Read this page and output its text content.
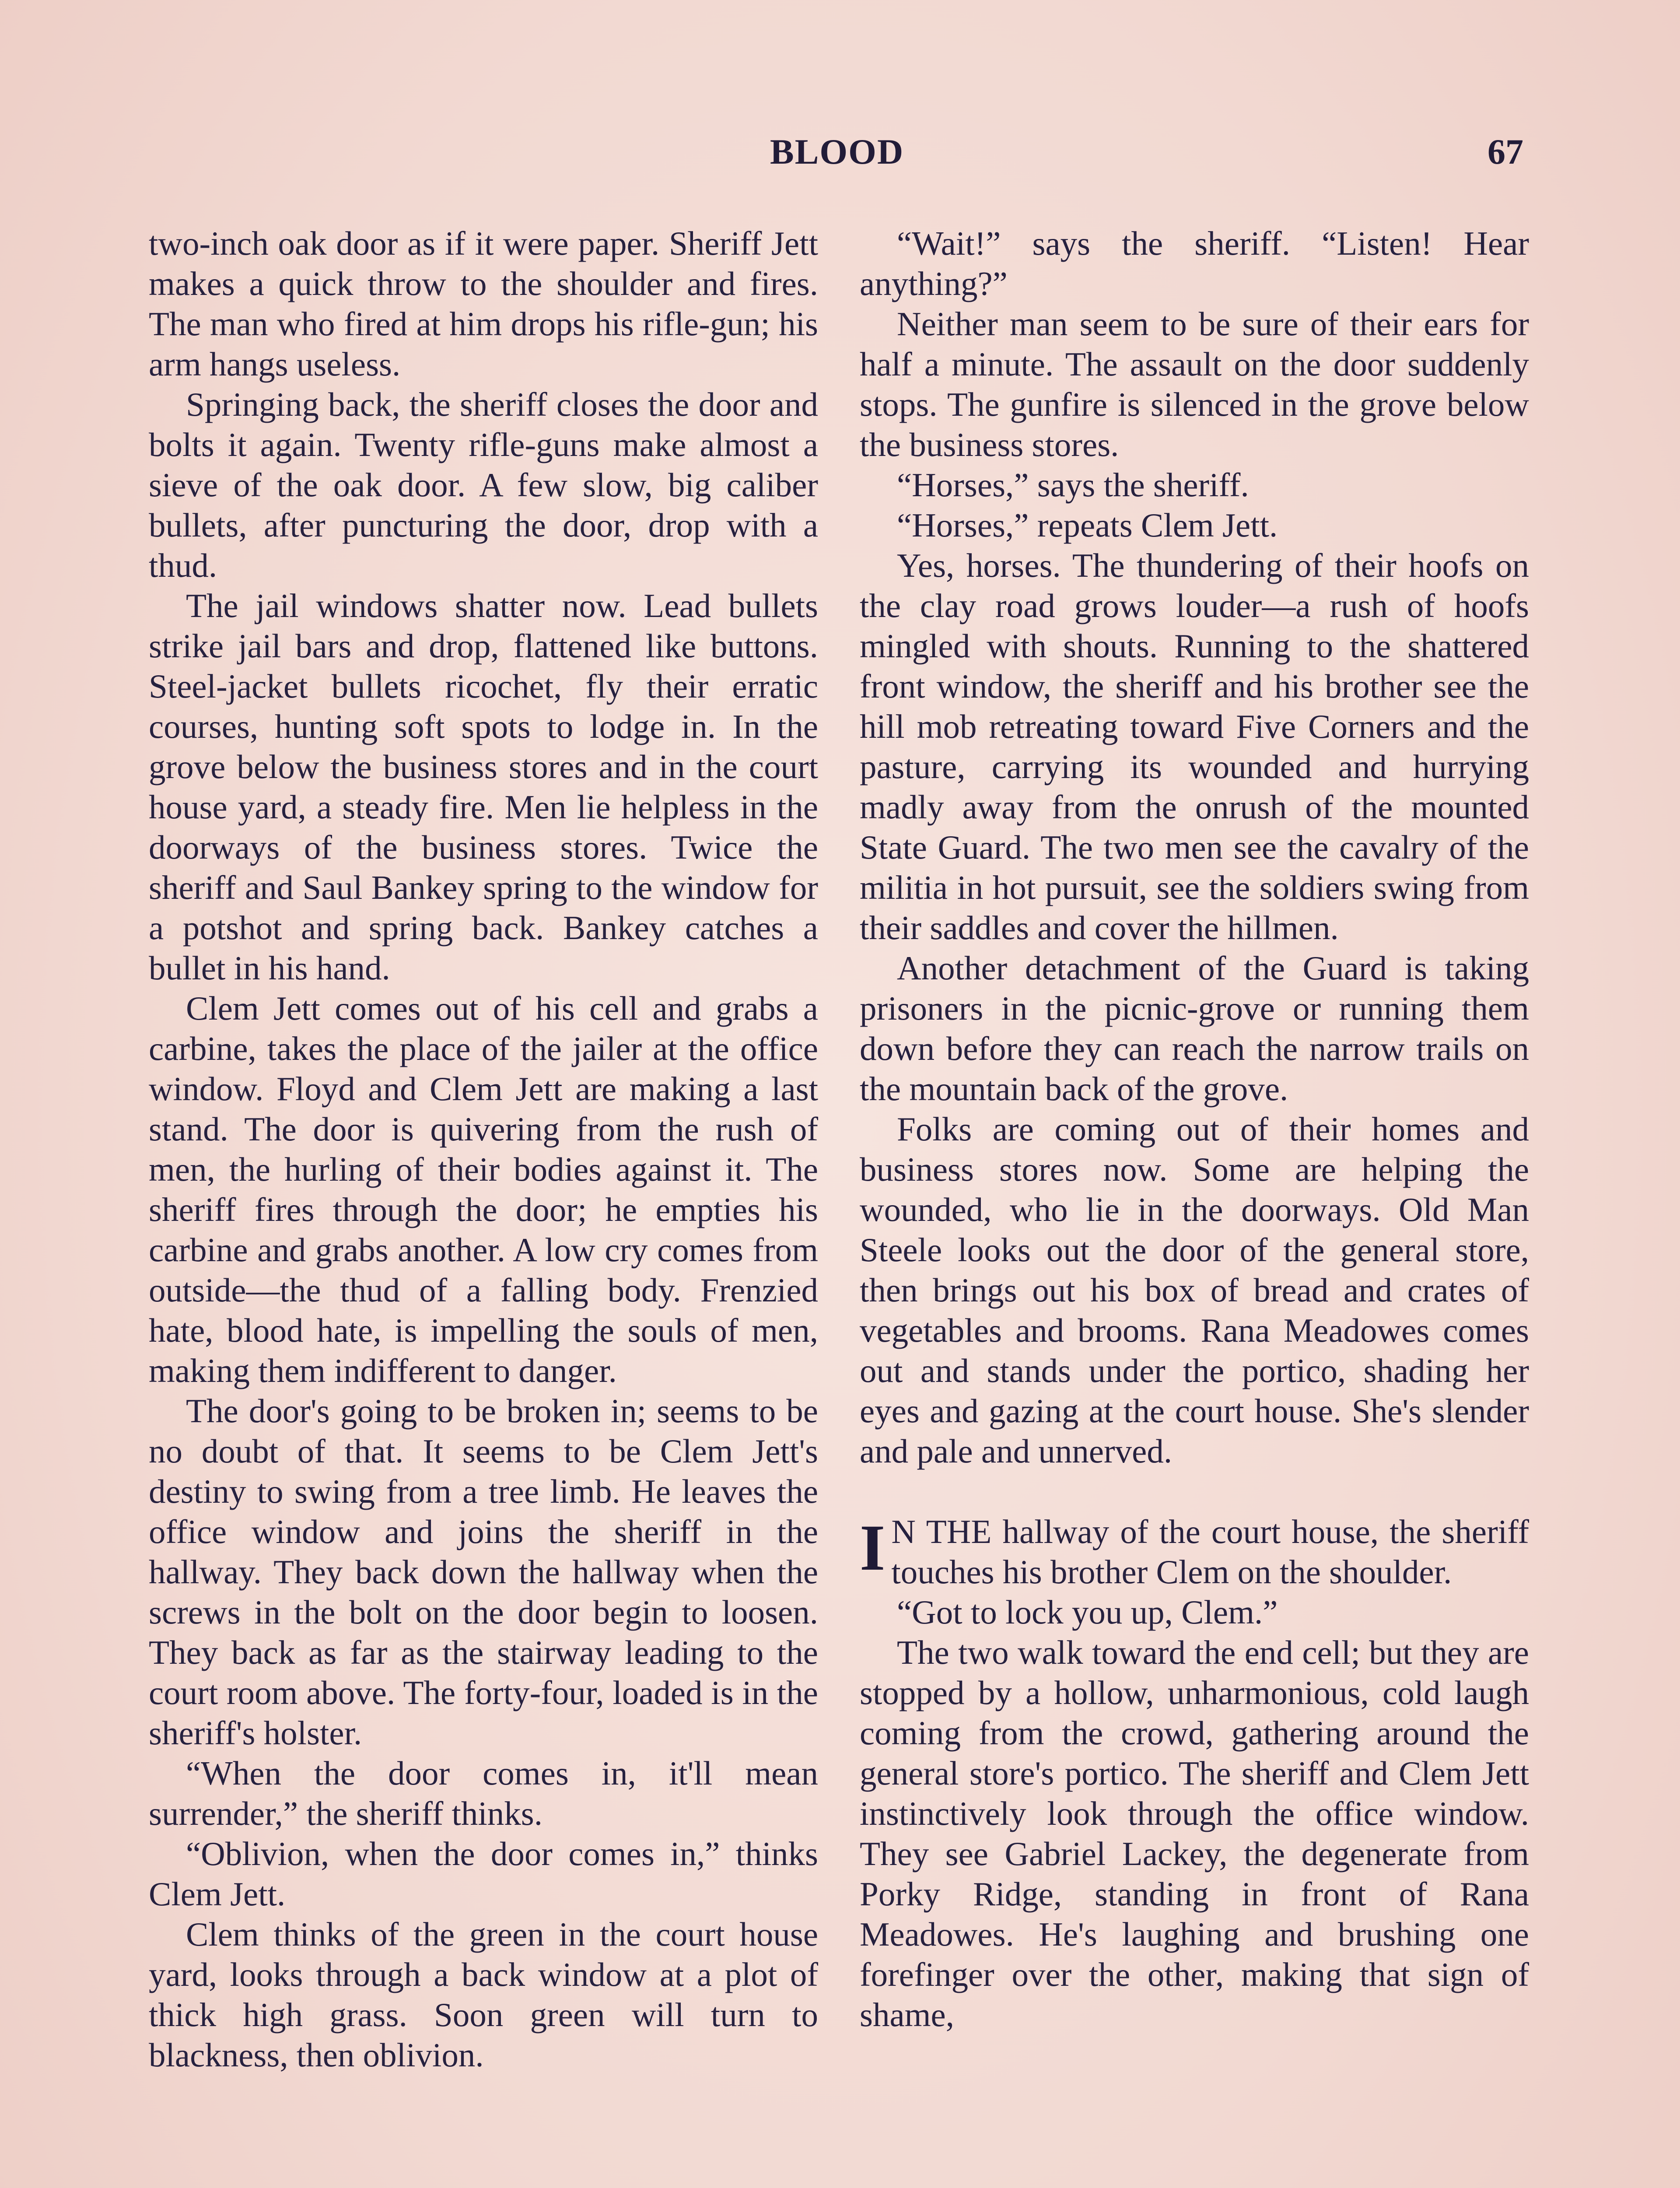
BLOOD	67

two-inch oak door as if it were paper. Sheriff Jett makes a quick throw to the shoulder and fires. The man who fired at him drops his rifle-gun; his arm hangs useless.

Springing back, the sheriff closes the door and bolts it again. Twenty rifle-guns make almost a sieve of the oak door. A few slow, big caliber bullets, after puncturing the door, drop with a thud.

The jail windows shatter now. Lead bullets strike jail bars and drop, flattened like buttons. Steel-jacket bullets ricochet, fly their erratic courses, hunting soft spots to lodge in. In the grove below the business stores and in the court house yard, a steady fire. Men lie helpless in the doorways of the business stores. Twice the sheriff and Saul Bankey spring to the window for a potshot and spring back. Bankey catches a bullet in his hand.

Clem Jett comes out of his cell and grabs a carbine, takes the place of the jailer at the office window. Floyd and Clem Jett are making a last stand. The door is quivering from the rush of men, the hurling of their bodies against it. The sheriff fires through the door; he empties his carbine and grabs another. A low cry comes from outside—the thud of a falling body. Frenzied hate, blood hate, is impelling the souls of men, making them indifferent to danger.

The door's going to be broken in; seems to be no doubt of that. It seems to be Clem Jett's destiny to swing from a tree limb. He leaves the office window and joins the sheriff in the hallway. They back down the hallway when the screws in the bolt on the door begin to loosen. They back as far as the stairway leading to the court room above. The forty-four, loaded is in the sheriff's holster.

“When the door comes in, it'll mean surrender,” the sheriff thinks.

“Oblivion, when the door comes in,” thinks Clem Jett.

Clem thinks of the green in the court house yard, looks through a back window at a plot of thick high grass. Soon green will turn to blackness, then oblivion.

“Wait!” says the sheriff. “Listen! Hear anything?”

Neither man seem to be sure of their ears for half a minute. The assault on the door suddenly stops. The gunfire is silenced in the grove below the business stores.

“Horses,” says the sheriff.

“Horses,” repeats Clem Jett.

Yes, horses. The thundering of their hoofs on the clay road grows louder—a rush of hoofs mingled with shouts. Running to the shattered front window, the sheriff and his brother see the hill mob retreating toward Five Corners and the pasture, carrying its wounded and hurrying madly away from the onrush of the mounted State Guard. The two men see the cavalry of the militia in hot pursuit, see the soldiers swing from their saddles and cover the hillmen.

Another detachment of the Guard is taking prisoners in the picnic-grove or running them down before they can reach the narrow trails on the mountain back of the grove.

Folks are coming out of their homes and business stores now. Some are helping the wounded, who lie in the doorways. Old Man Steele looks out the door of the general store, then brings out his box of bread and crates of vegetables and brooms. Rana Meadowes comes out and stands under the portico, shading her eyes and gazing at the court house. She's slender and pale and unnerved.

I N THE hallway of the court house, the sheriff touches his brother Clem on the shoulder.

“Got to lock you up, Clem.”

The two walk toward the end cell; but they are stopped by a hollow, unharmonious, cold laugh coming from the crowd, gathering around the general store's portico. The sheriff and Clem Jett instinctively look through the office window. They see Gabriel Lackey, the degenerate from Porky Ridge, standing in front of Rana Meadowes. He's laughing and brushing one forefinger over the other, making that sign of shame,
